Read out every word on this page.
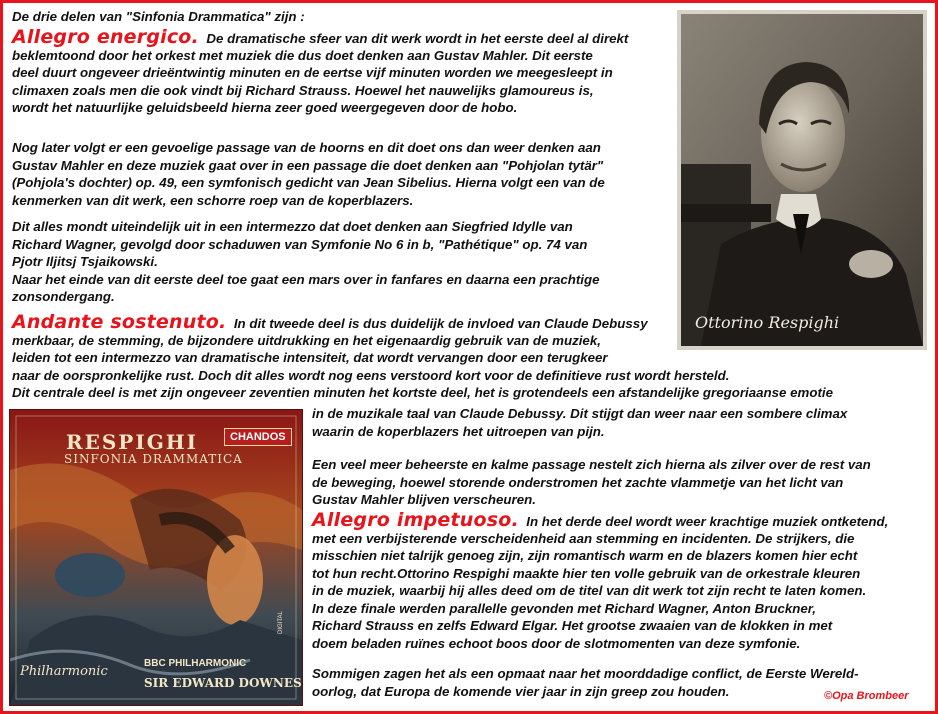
De drie delen van "Sinfonia Drammatica" zijn :
Allegro energico. De dramatische sfeer van dit werk wordt in het eerste deel al direkt
beklemtoond door het orkest met muziek die dus doet denken aan Gustav Mahler. Dit eerste
deel duurt ongeveer drieëntwintig minuten en de eertse vijf minuten worden we meegesleept in
climaxen zoals men die ook vindt bij Richard Strauss. Hoewel het nauwelijks glamoureus is,
wordt het natuurlijke geluidsbeeld hierna zeer goed weergegeven door de hobo.
Nog later volgt er een gevoelige passage van de hoorns en dit doet ons dan weer denken aan
Gustav Mahler en deze muziek gaat over in een passage die doet denken aan "Pohjolan tytär"
(Pohjola's dochter) op. 49, een symfonisch gedicht van Jean Sibelius. Hierna volgt een van de
kenmerken van dit werk, een schorre roep van de koperblazers.
Dit alles mondt uiteindelijk uit in een intermezzo dat doet denken aan Siegfried Idylle van
Richard Wagner, gevolgd door schaduwen van Symfonie No 6 in b, "Pathétique" op. 74 van
Pjotr Iljitsj Tsjaikowski.
Naar het einde van dit eerste deel toe gaat een mars over in fanfares en daarna een prachtige
zonsondergang.
Andante sostenuto. In dit tweede deel is dus duidelijk de invloed van Claude Debussy
merkbaar, de stemming, de bijzondere uitdrukking en het eigenaardig gebruik van de muziek,
leiden tot een intermezzo van dramatische intensiteit, dat wordt vervangen door een terugkeer
naar de oorspronkelijke rust. Doch dit alles wordt nog eens verstoord kort voor de definitieve rust wordt hersteld.
Dit centrale deel is met zijn ongeveer zeventien minuten het kortste deel, het is grotendeels een afstandelijke gregoriaanse emotie
in de muzikale taal van Claude Debussy. Dit stijgt dan weer naar een sombere climax
waarin de koperblazers het uitroepen van pijn.
Een veel meer beheerste en kalme passage nestelt zich hierna als zilver over de rest van
de beweging, hoewel storende onderstromen het zachte vlammetje van het licht van
Gustav Mahler blijven verscheuren.
Allegro impetuoso. In het derde deel wordt weer krachtige muziek ontketend,
met een verbijsterende verscheidenheid aan stemming en incidenten. De strijkers, die
misschien niet talrijk genoeg zijn, zijn romantisch warm en de blazers komen hier echt
tot hun recht.Ottorino Respighi maakte hier ten volle gebruik van de orkestrale kleuren
in de muziek, waarbij hij alles deed om de titel van dit werk tot zijn recht te laten komen.
In deze finale werden parallelle gevonden met Richard Wagner, Anton Bruckner,
Richard Strauss en zelfs Edward Elgar. Het grootse zwaaien van de klokken in met
doem beladen ruïnes echoot boos door de slotmomenten van deze symfonie.
Sommigen zagen het als een opmaat naar het moorddadige conflict, de Eerste Wereld-
oorlog, dat Europa de komende vier jaar in zijn greep zou houden.	©Opa Brombeer
Ottorino Respighi
RESPIGHI
SINFONIA DRAMMATICA
CHANDOS
DIGITAL
Philharmonic
BBC PHILHARMONIC
SIR EDWARD DOWNES
